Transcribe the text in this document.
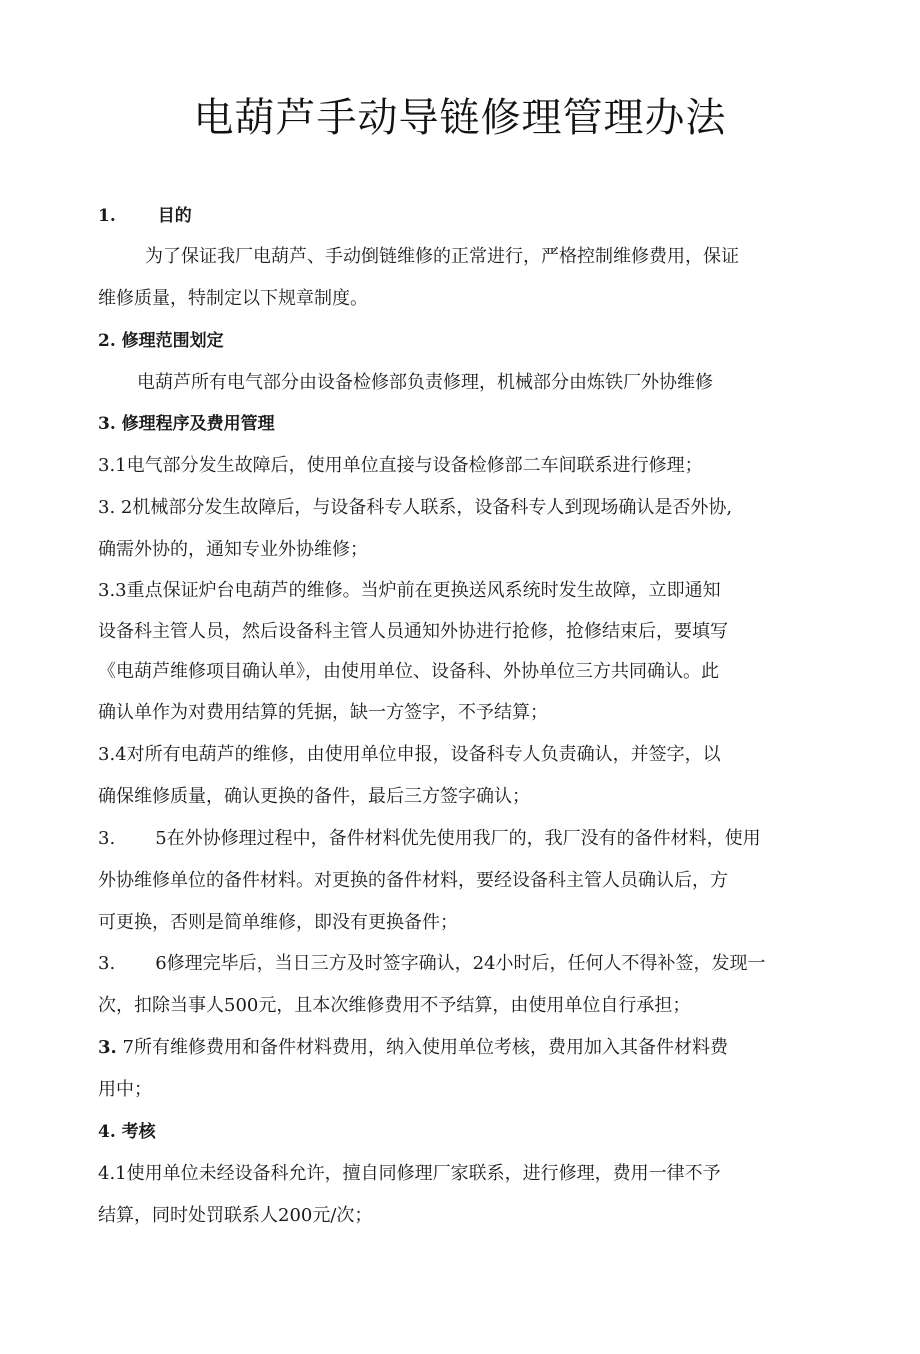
电葫芦手动导链修理管理办法

1. 目的

为了保证我厂电葫芦、手动倒链维修的正常进行，严格控制维修费用，保证

维修质量，特制定以下规章制度。

2. 修理范围划定

电葫芦所有电气部分由设备检修部负责修理，机械部分由炼铁厂外协维修

3. 修理程序及费用管理

3.1电气部分发生故障后，使用单位直接与设备检修部二车间联系进行修理；

3. 2机械部分发生故障后，与设备科专人联系，设备科专人到现场确认是否外协,

确需外协的，通知专业外协维修；

3.3重点保证炉台电葫芦的维修。当炉前在更换送风系统时发生故障，立即通知

设备科主管人员，然后设备科主管人员通知外协进行抢修，抢修结束后，要填写

《电葫芦维修项目确认单》，由使用单位、设备科、外协单位三方共同确认。此

确认单作为对费用结算的凭据，缺一方签字，不予结算；

3.4对所有电葫芦的维修，由使用单位申报，设备科专人负责确认，并签字，以

确保维修质量，确认更换的备件，最后三方签字确认；

3. 5在外协修理过程中，备件材料优先使用我厂的，我厂没有的备件材料，使用

外协维修单位的备件材料。对更换的备件材料，要经设备科主管人员确认后，方

可更换，否则是简单维修，即没有更换备件；

3. 6修理完毕后，当日三方及时签字确认，24小时后，任何人不得补签，发现一

次，扣除当事人500元，且本次维修费用不予结算，由使用单位自行承担；

3. 7所有维修费用和备件材料费用，纳入使用单位考核，费用加入其备件材料费

用中；

4. 考核

4.1使用单位未经设备科允许，擅自同修理厂家联系，进行修理，费用一律不予

结算，同时处罚联系人200元/次；
